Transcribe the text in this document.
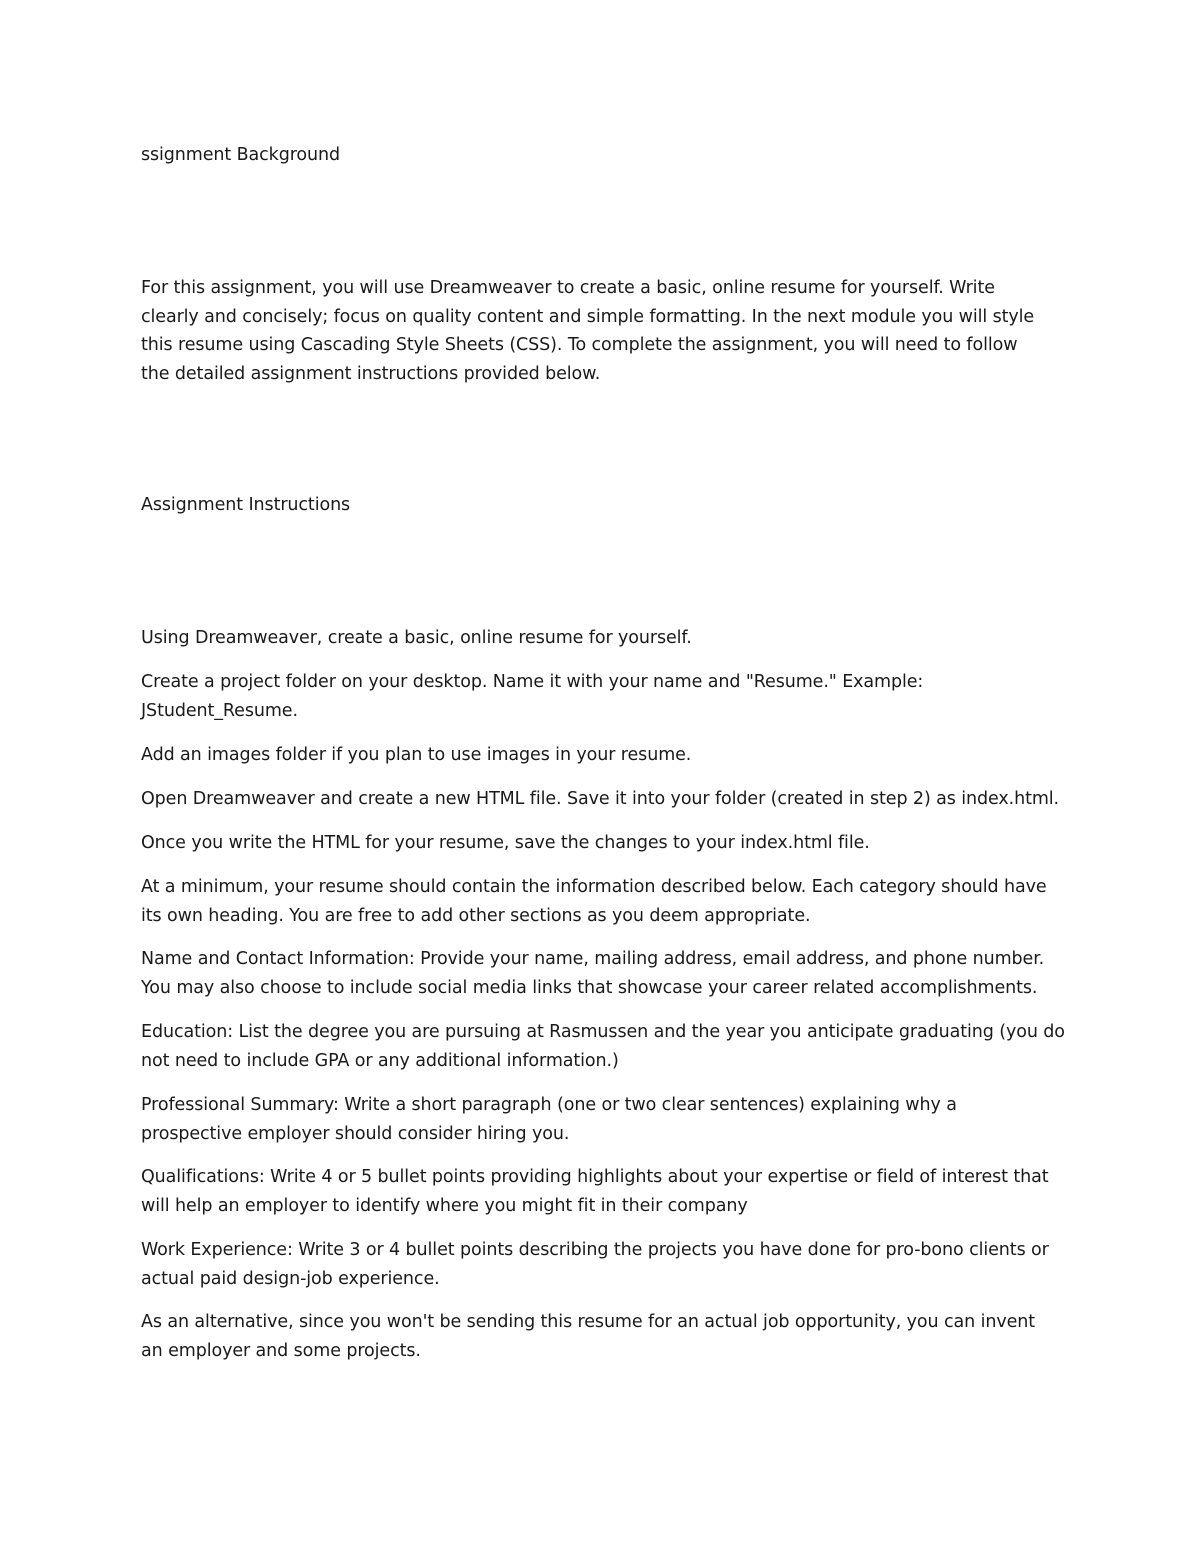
ssignment Background
For this assignment, you will use Dreamweaver to create a basic, online resume for yourself. Write clearly and concisely; focus on quality content and simple formatting. In the next module you will style this resume using Cascading Style Sheets (CSS). To complete the assignment, you will need to follow the detailed assignment instructions provided below.
Assignment Instructions
Using Dreamweaver, create a basic, online resume for yourself.
Create a project folder on your desktop. Name it with your name and "Resume." Example: JStudent_Resume.
Add an images folder if you plan to use images in your resume.
Open Dreamweaver and create a new HTML file. Save it into your folder (created in step 2) as index.html.
Once you write the HTML for your resume, save the changes to your index.html file.
At a minimum, your resume should contain the information described below. Each category should have its own heading. You are free to add other sections as you deem appropriate.
Name and Contact Information: Provide your name, mailing address, email address, and phone number. You may also choose to include social media links that showcase your career related accomplishments.
Education: List the degree you are pursuing at Rasmussen and the year you anticipate graduating (you do not need to include GPA or any additional information.)
Professional Summary: Write a short paragraph (one or two clear sentences) explaining why a prospective employer should consider hiring you.
Qualifications: Write 4 or 5 bullet points providing highlights about your expertise or field of interest that will help an employer to identify where you might fit in their company
Work Experience: Write 3 or 4 bullet points describing the projects you have done for pro-bono clients or actual paid design-job experience.
As an alternative, since you won't be sending this resume for an actual job opportunity, you can invent an employer and some projects.
